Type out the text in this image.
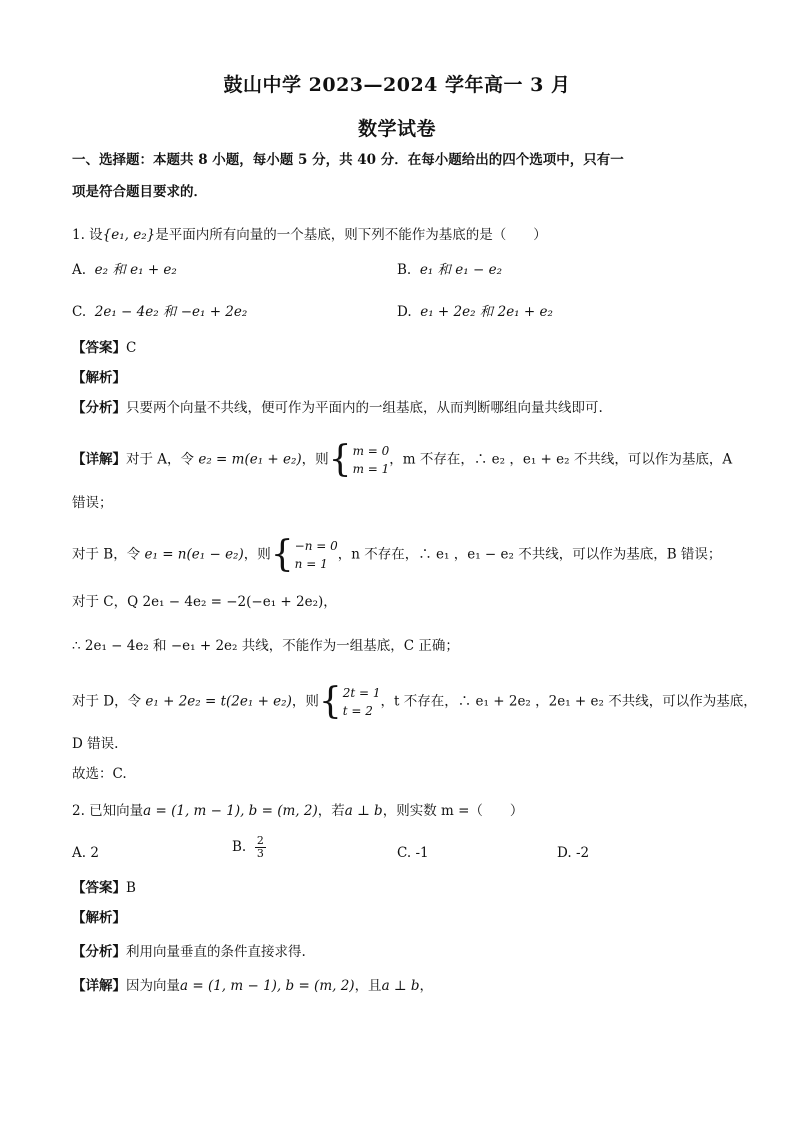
鼓山中学 2023—2024 学年高一 3 月
数学试卷
一、选择题：本题共 8 小题，每小题 5 分，共 40 分．在每小题给出的四个选项中，只有一
项是符合题目要求的．
1. 设{e₁, e₂}是平面内所有向量的一个基底，则下列不能作为基底的是（　　）
A. e₂ 和 e₁ + e₂	B. e₁ 和 e₁ − e₂
C. 2e₁ − 4e₂ 和 −e₁ + 2e₂	D. e₁ + 2e₂ 和 2e₁ + e₂
【答案】C
【解析】
【分析】只要两个向量不共线，便可作为平面内的一组基底，从而判断哪组向量共线即可.
【详解】对于 A，令 e₂ = m(e₁ + e₂)，则{ m = 0
m = 1
，m 不存在，∴ e₂ ，e₁ + e₂ 不共线，可以作为基底，A
错误；
对于 B，令 e₁ = n(e₁ − e₂)，则{ −n = 0
n = 1
，n 不存在，∴ e₁ ，e₁ − e₂ 不共线，可以作为基底，B 错误；
对于 C，Q 2e₁ − 4e₂ = −2(−e₁ + 2e₂)，
∴ 2e₁ − 4e₂ 和 −e₁ + 2e₂ 共线，不能作为一组基底，C 正确；
对于 D，令 e₁ + 2e₂ = t(2e₁ + e₂)，则{ 2t = 1
t = 2
，t 不存在，∴ e₁ + 2e₂ ，2e₁ + e₂ 不共线，可以作为基底，
D 错误.
故选：C.
2. 已知向量a = (1, m − 1), b = (m, 2)，若a ⊥ b，则实数 m =（　　）
A. 2	B. $\frac{2}{3}$	C. -1	D. -2
【答案】B
【解析】
【分析】利用向量垂直的条件直接求得.
【详解】因为向量a = (1, m − 1), b = (m, 2)，且a ⊥ b，
